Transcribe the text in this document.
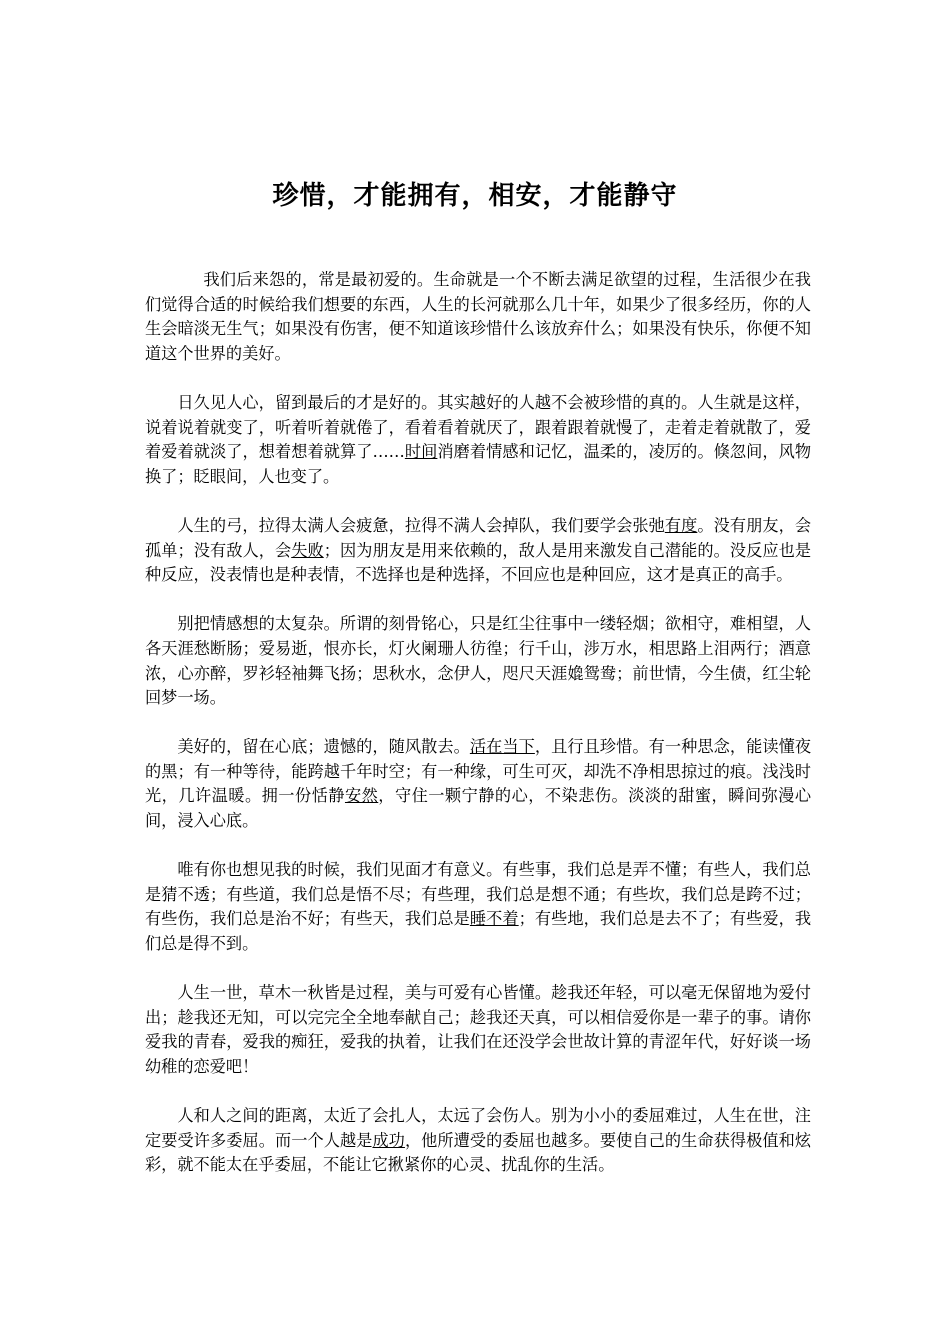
珍惜，才能拥有，相安，才能静守

我们后来怨的，常是最初爱的。生命就是一个不断去满足欲望的过程，生活很少在我们觉得合适的时候给我们想要的东西，人生的长河就那么几十年，如果少了很多经历，你的人生会暗淡无生气；如果没有伤害，便不知道该珍惜什么该放弃什么；如果没有快乐，你便不知道这个世界的美好。

日久见人心，留到最后的才是好的。其实越好的人越不会被珍惜的真的。人生就是这样，说着说着就变了，听着听着就倦了，看着看着就厌了，跟着跟着就慢了，走着走着就散了，爱着爱着就淡了，想着想着就算了……时间消磨着情感和记忆，温柔的，凌厉的。倏忽间，风物换了；眨眼间，人也变了。

人生的弓，拉得太满人会疲惫，拉得不满人会掉队，我们要学会张弛有度。没有朋友，会孤单；没有敌人，会失败；因为朋友是用来依赖的，敌人是用来激发自己潜能的。没反应也是种反应，没表情也是种表情，不选择也是种选择，不回应也是种回应，这才是真正的高手。

别把情感想的太复杂。所谓的刻骨铭心，只是红尘往事中一缕轻烟；欲相守，难相望，人各天涯愁断肠；爱易逝，恨亦长，灯火阑珊人彷徨；行千山，涉万水，相思路上泪两行；酒意浓，心亦醉，罗衫轻袖舞飞扬；思秋水，念伊人，咫尺天涯嫓鸳鸯；前世情，今生债，红尘轮回梦一场。

美好的，留在心底；遗憾的，随风散去。活在当下，且行且珍惜。有一种思念，能读懂夜的黑；有一种等待，能跨越千年时空；有一种缘，可生可灭，却洗不净相思掠过的痕。浅浅时光，几许温暖。拥一份恬静安然，守住一颗宁静的心，不染悲伤。淡淡的甜蜜，瞬间弥漫心间，浸入心底。

唯有你也想见我的时候，我们见面才有意义。有些事，我们总是弄不懂；有些人，我们总是猜不透；有些道，我们总是悟不尽；有些理，我们总是想不通；有些坎，我们总是跨不过；有些伤，我们总是治不好；有些天，我们总是睡不着；有些地，我们总是去不了；有些爱，我们总是得不到。

人生一世，草木一秋皆是过程，美与可爱有心皆懂。趁我还年轻，可以毫无保留地为爱付出；趁我还无知，可以完完全全地奉献自己；趁我还天真，可以相信爱你是一辈子的事。请你爱我的青春，爱我的痴狂，爱我的执着，让我们在还没学会世故计算的青涩年代，好好谈一场幼稚的恋爱吧！

人和人之间的距离，太近了会扎人，太远了会伤人。别为小小的委屈难过，人生在世，注定要受许多委屈。而一个人越是成功，他所遭受的委屈也越多。要使自己的生命获得极值和炫彩，就不能太在乎委屈，不能让它揪紧你的心灵、扰乱你的生活。
